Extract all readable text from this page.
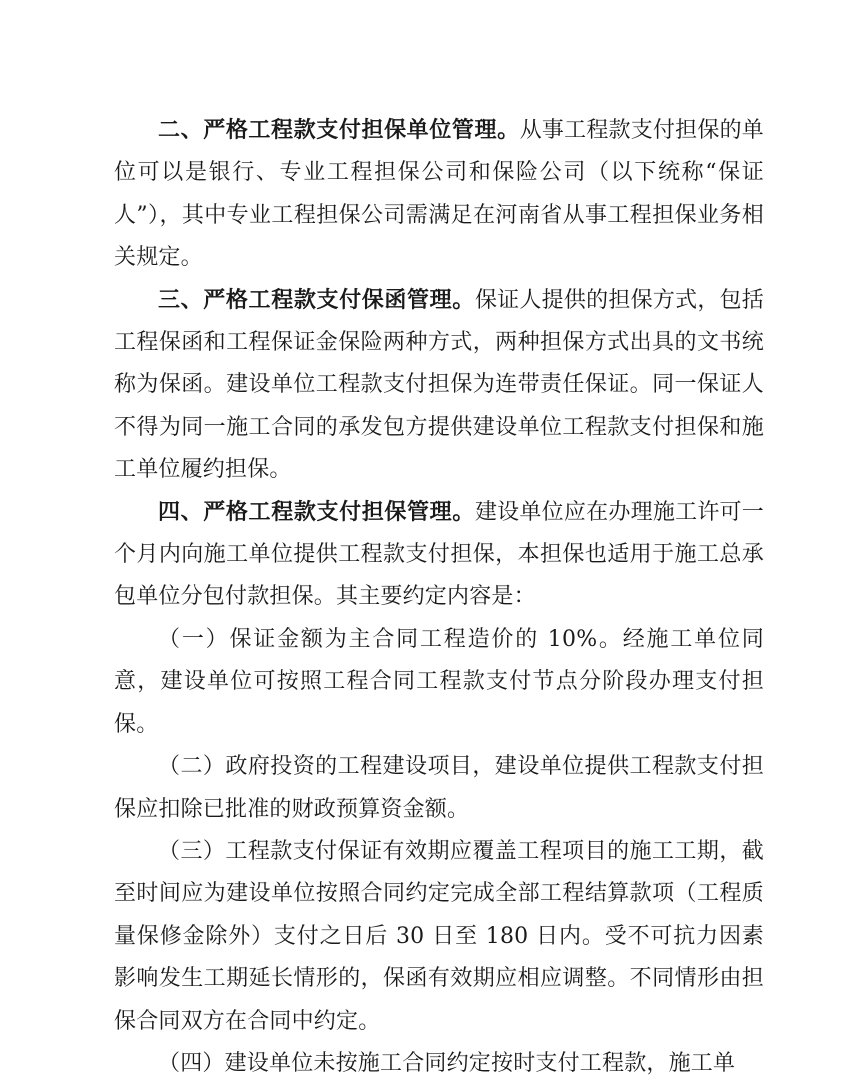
二、严格工程款支付担保单位管理。从事工程款支付担保的单位可以是银行、专业工程担保公司和保险公司（以下统称“保证人”），其中专业工程担保公司需满足在河南省从事工程担保业务相关规定。

三、严格工程款支付保函管理。保证人提供的担保方式，包括工程保函和工程保证金保险两种方式，两种担保方式出具的文书统称为保函。建设单位工程款支付担保为连带责任保证。同一保证人不得为同一施工合同的承发包方提供建设单位工程款支付担保和施工单位履约担保。

四、严格工程款支付担保管理。建设单位应在办理施工许可一个月内向施工单位提供工程款支付担保，本担保也适用于施工总承包单位分包付款担保。其主要约定内容是：

（一）保证金额为主合同工程造价的 10%。经施工单位同意，建设单位可按照工程合同工程款支付节点分阶段办理支付担保。

（二）政府投资的工程建设项目，建设单位提供工程款支付担保应扣除已批准的财政预算资金额。

（三）工程款支付保证有效期应覆盖工程项目的施工工期，截至时间应为建设单位按照合同约定完成全部工程结算款项（工程质量保修金除外）支付之日后 30 日至 180 日内。受不可抗力因素影响发生工期延长情形的，保函有效期应相应调整。不同情形由担保合同双方在合同中约定。

（四）建设单位未按施工合同约定按时支付工程款，施工单
